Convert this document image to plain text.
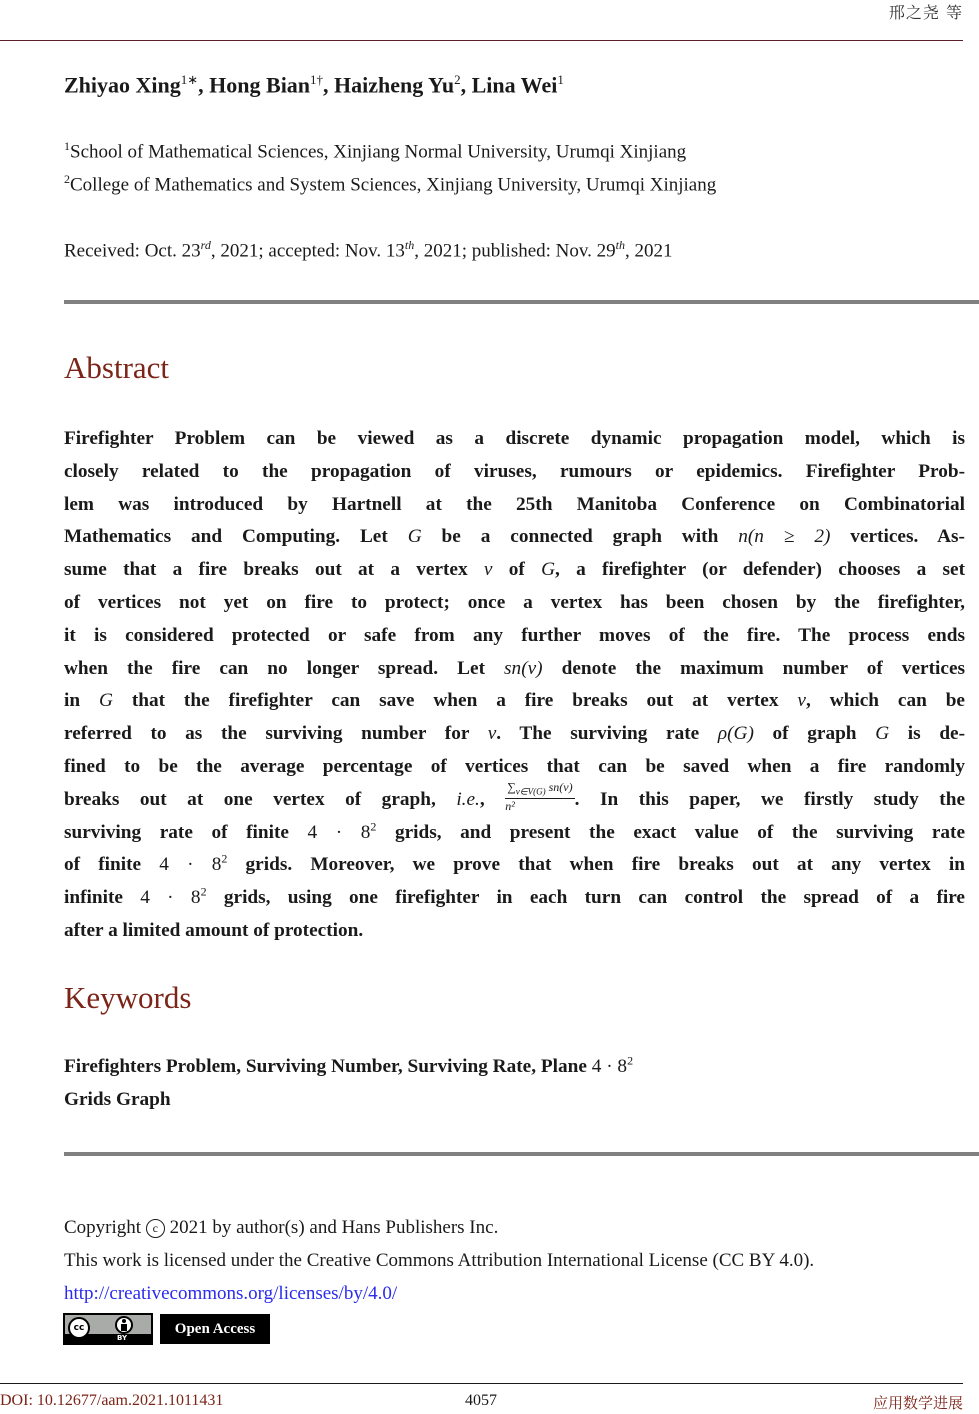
邢之尧 等
Zhiyao Xing$^{1∗}$, Hong Bian$^{1\dagger}$, Haizheng Yu$^2$, Lina Wei$^1$
$^1$School of Mathematical Sciences, Xinjiang Normal University, Urumqi Xinjiang
$^2$College of Mathematics and System Sciences, Xinjiang University, Urumqi Xinjiang
Received: Oct. 23rd, 2021; accepted: Nov. 13th, 2021; published: Nov. 29th, 2021
Abstract
Firefighter Problem can be viewed as a discrete dynamic propagation model, which is
closely related to the propagation of viruses, rumours or epidemics. Firefighter Prob-
lem was introduced by Hartnell at the 25th Manitoba Conference on Combinatorial
Mathematics and Computing. Let G be a connected graph with n(n ≥ 2) vertices. As-
sume that a fire breaks out at a vertex v of G, a firefighter (or defender) chooses a set
of vertices not yet on fire to protect; once a vertex has been chosen by the firefighter,
it is considered protected or safe from any further moves of the fire. The process ends
when the fire can no longer spread. Let sn(v) denote the maximum number of vertices
in G that the firefighter can save when a fire breaks out at vertex v, which can be
referred to as the surviving number for v. The surviving rate ρ(G) of graph G is de-
fined to be the average percentage of vertices that can be saved when a fire randomly
breaks out at one vertex of graph, i.e., $\frac{\sum_{v\in V(G)} sn(v)}{\text{n²}}$ . In this paper, we firstly study the
surviving rate of finite $4 \cdot 8^2$ grids, and present the exact value of the surviving rate
of finite $4 \cdot 8^2$ grids. Moreover, we prove that when fire breaks out at any vertex in
infinite $4 \cdot 8^2$ grids, using one firefighter in each turn can control the spread of a fire
after a limited amount of protection.
Keywords
Firefighters Problem, Surviving Number, Surviving Rate, Plane $4 \cdot 8^2$
Grids Graph
Copyright c 2021 by author(s) and Hans Publishers Inc.
This work is licensed under the Creative Commons Attribution International License (CC BY 4.0).
http://creativecommons.org/licenses/by/4.0/
cc
BY
Open Access
DOI: 10.12677/aam.2021.1011431	4057	应用数学进展
